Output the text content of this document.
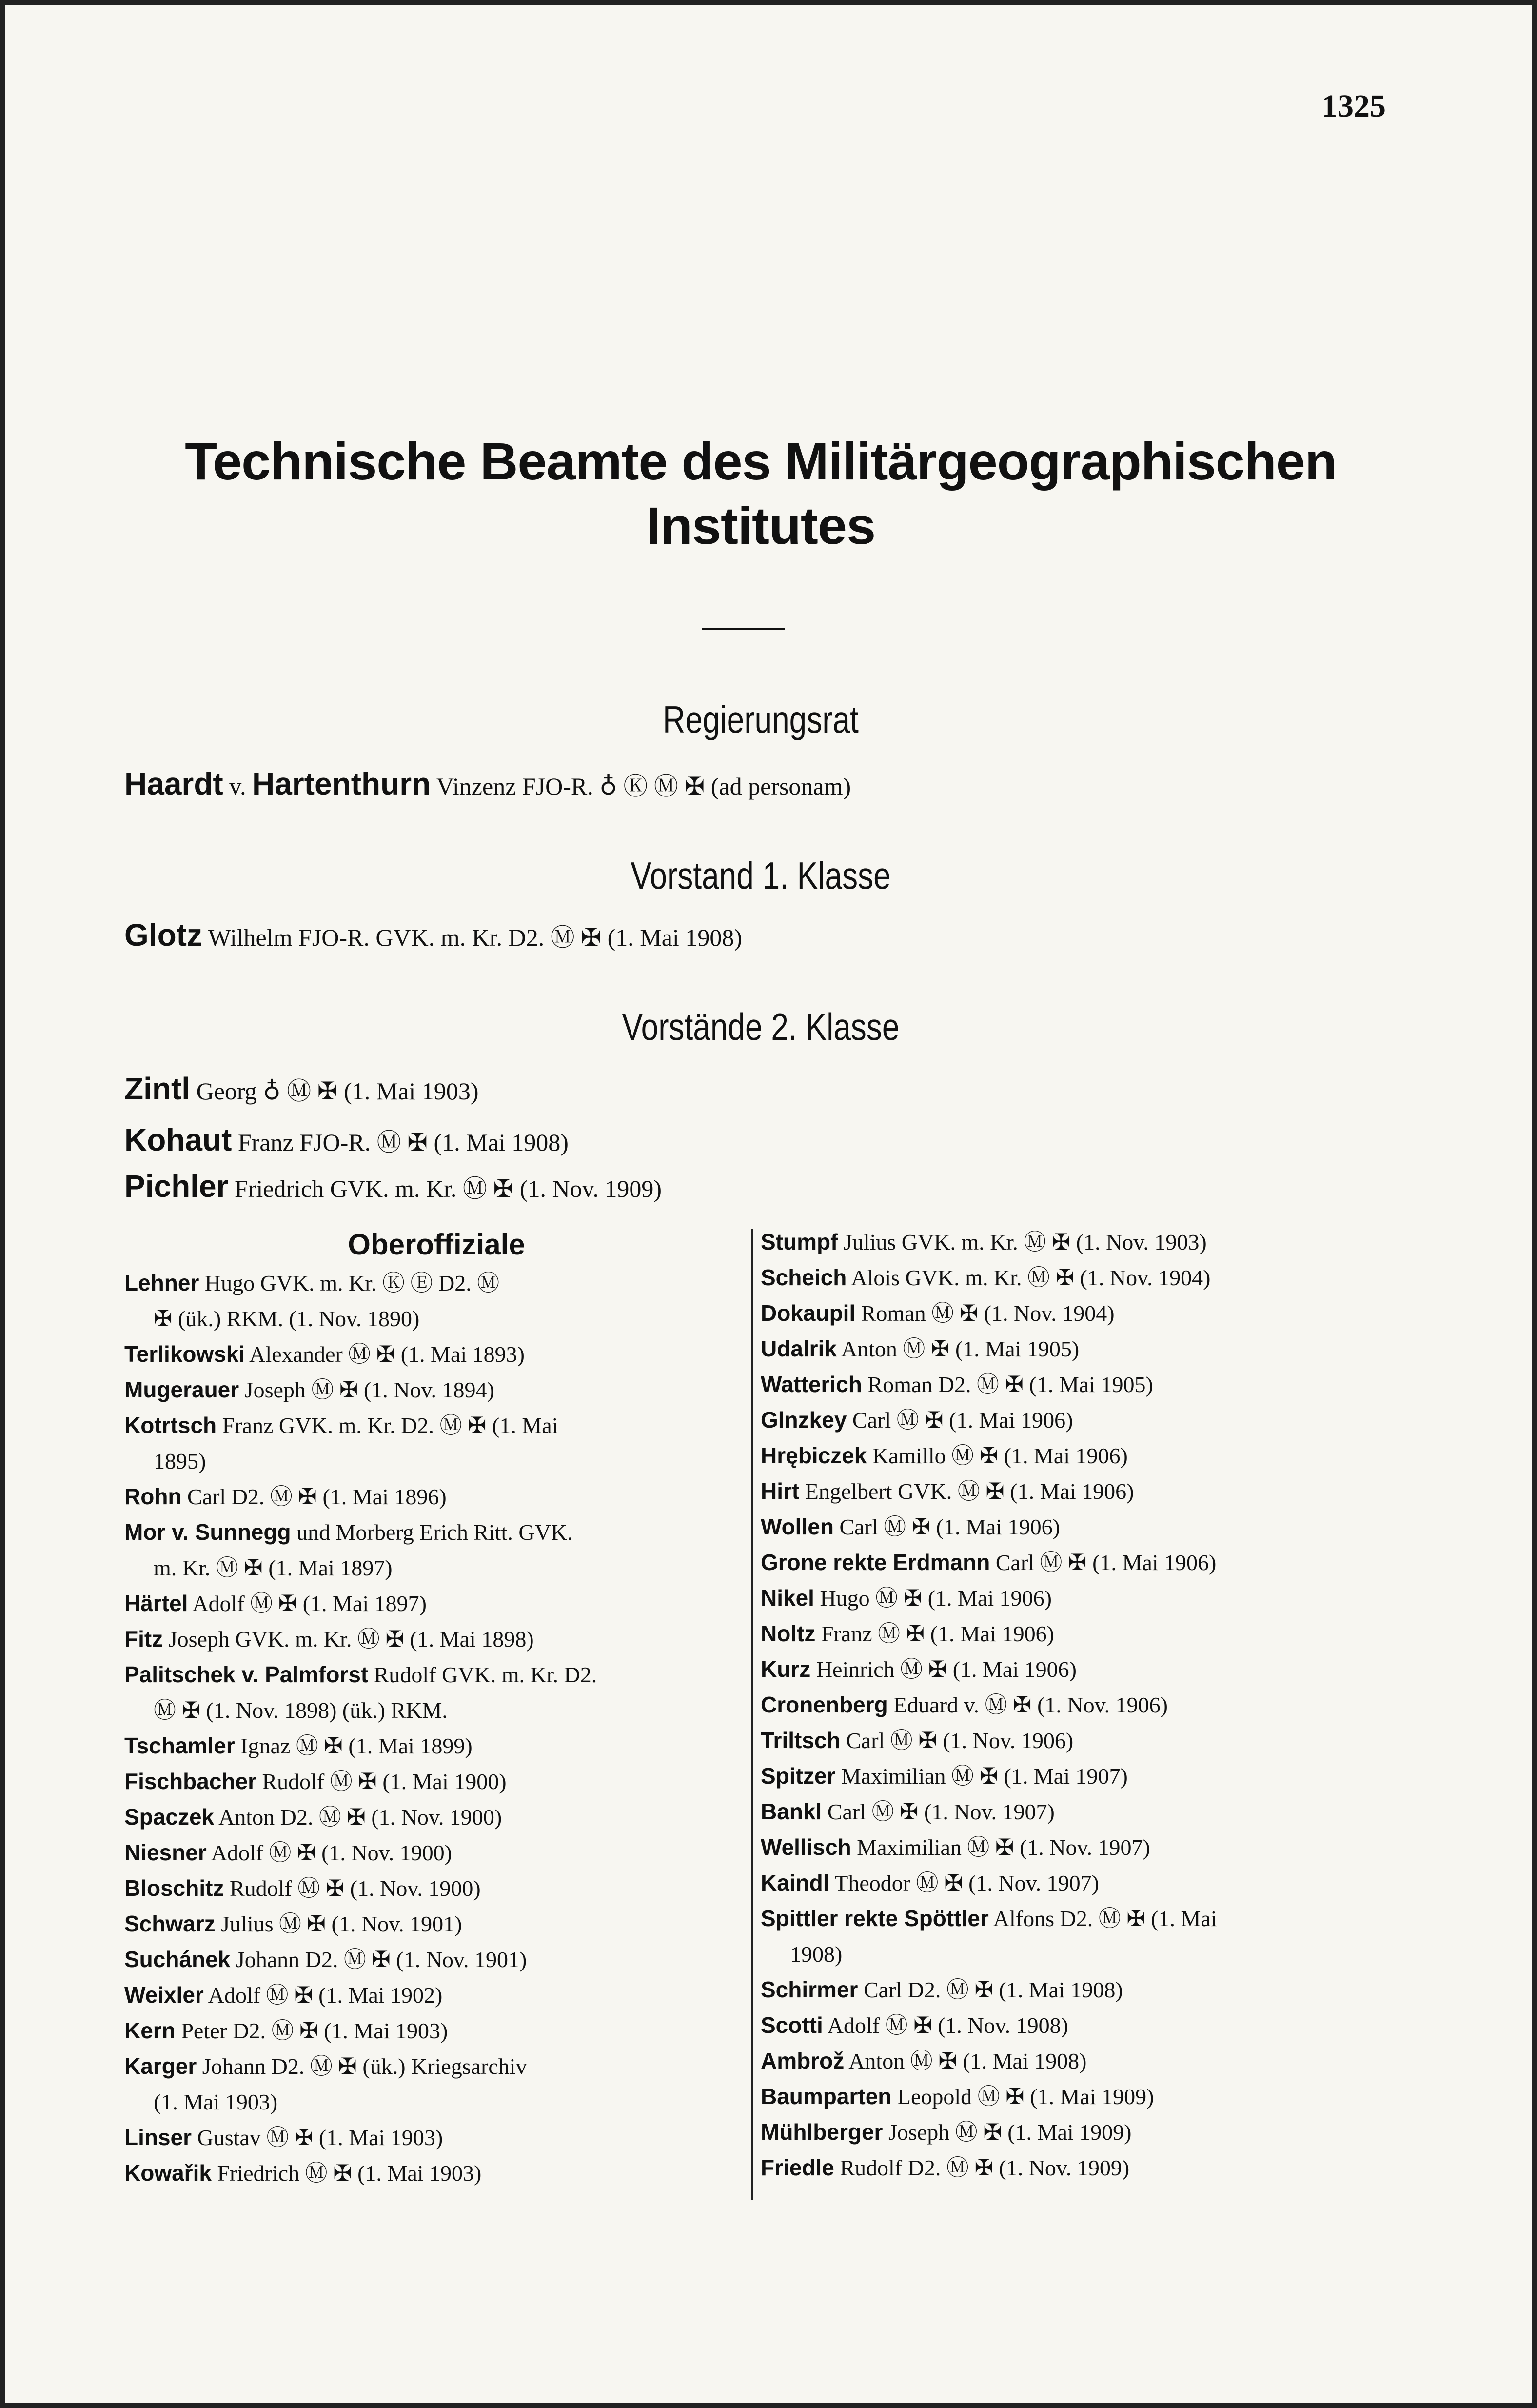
1325
Technische Beamte des Militärgeographischen Institutes
Regierungsrat
Haardt v. Hartenthurn Vinzenz FJO-R. ♁ Ⓚ Ⓜ ✠ (ad personam)
Vorstand 1. Klasse
Glotz Wilhelm FJO-R. GVK. m. Kr. D2. Ⓜ ✠ (1. Mai 1908)
Vorstände 2. Klasse
Zintl Georg ♁ Ⓜ ✠ (1. Mai 1903)
Kohaut Franz FJO-R. Ⓜ ✠ (1. Mai 1908)
Pichler Friedrich GVK. m. Kr. Ⓜ ✠ (1. Nov. 1909)
Oberoffiziale
Lehner Hugo GVK. m. Kr. Ⓚ Ⓔ D2. Ⓜ
✠ (ük.) RKM. (1. Nov. 1890)
Terlikowski Alexander Ⓜ ✠ (1. Mai 1893)
Mugerauer Joseph Ⓜ ✠ (1. Nov. 1894)
Kotrtsch Franz GVK. m. Kr. D2. Ⓜ ✠ (1. Mai
1895)
Rohn Carl D2. Ⓜ ✠ (1. Mai 1896)
Mor v. Sunnegg und Morberg Erich Ritt. GVK.
m. Kr. Ⓜ ✠ (1. Mai 1897)
Härtel Adolf Ⓜ ✠ (1. Mai 1897)
Fitz Joseph GVK. m. Kr. Ⓜ ✠ (1. Mai 1898)
Palitschek v. Palmforst Rudolf GVK. m. Kr. D2.
Ⓜ ✠ (1. Nov. 1898) (ük.) RKM.
Tschamler Ignaz Ⓜ ✠ (1. Mai 1899)
Fischbacher Rudolf Ⓜ ✠ (1. Mai 1900)
Spaczek Anton D2. Ⓜ ✠ (1. Nov. 1900)
Niesner Adolf Ⓜ ✠ (1. Nov. 1900)
Bloschitz Rudolf Ⓜ ✠ (1. Nov. 1900)
Schwarz Julius Ⓜ ✠ (1. Nov. 1901)
Suchánek Johann D2. Ⓜ ✠ (1. Nov. 1901)
Weixler Adolf Ⓜ ✠ (1. Mai 1902)
Kern Peter D2. Ⓜ ✠ (1. Mai 1903)
Karger Johann D2. Ⓜ ✠ (ük.) Kriegsarchiv
(1. Mai 1903)
Linser Gustav Ⓜ ✠ (1. Mai 1903)
Kowařik Friedrich Ⓜ ✠ (1. Mai 1903)
Stumpf Julius GVK. m. Kr. Ⓜ ✠ (1. Nov. 1903)
Scheich Alois GVK. m. Kr. Ⓜ ✠ (1. Nov. 1904)
Dokaupil Roman Ⓜ ✠ (1. Nov. 1904)
Udalrik Anton Ⓜ ✠ (1. Mai 1905)
Watterich Roman D2. Ⓜ ✠ (1. Mai 1905)
Glnzkey Carl Ⓜ ✠ (1. Mai 1906)
Hrębiczek Kamillo Ⓜ ✠ (1. Mai 1906)
Hirt Engelbert GVK. Ⓜ ✠ (1. Mai 1906)
Wollen Carl Ⓜ ✠ (1. Mai 1906)
Grone rekte Erdmann Carl Ⓜ ✠ (1. Mai 1906)
Nikel Hugo Ⓜ ✠ (1. Mai 1906)
Noltz Franz Ⓜ ✠ (1. Mai 1906)
Kurz Heinrich Ⓜ ✠ (1. Mai 1906)
Cronenberg Eduard v. Ⓜ ✠ (1. Nov. 1906)
Triltsch Carl Ⓜ ✠ (1. Nov. 1906)
Spitzer Maximilian Ⓜ ✠ (1. Mai 1907)
Bankl Carl Ⓜ ✠ (1. Nov. 1907)
Wellisch Maximilian Ⓜ ✠ (1. Nov. 1907)
Kaindl Theodor Ⓜ ✠ (1. Nov. 1907)
Spittler rekte Spöttler Alfons D2. Ⓜ ✠ (1. Mai
1908)
Schirmer Carl D2. Ⓜ ✠ (1. Mai 1908)
Scotti Adolf Ⓜ ✠ (1. Nov. 1908)
Ambrož Anton Ⓜ ✠ (1. Mai 1908)
Baumparten Leopold Ⓜ ✠ (1. Mai 1909)
Mühlberger Joseph Ⓜ ✠ (1. Mai 1909)
Friedle Rudolf D2. Ⓜ ✠ (1. Nov. 1909)
